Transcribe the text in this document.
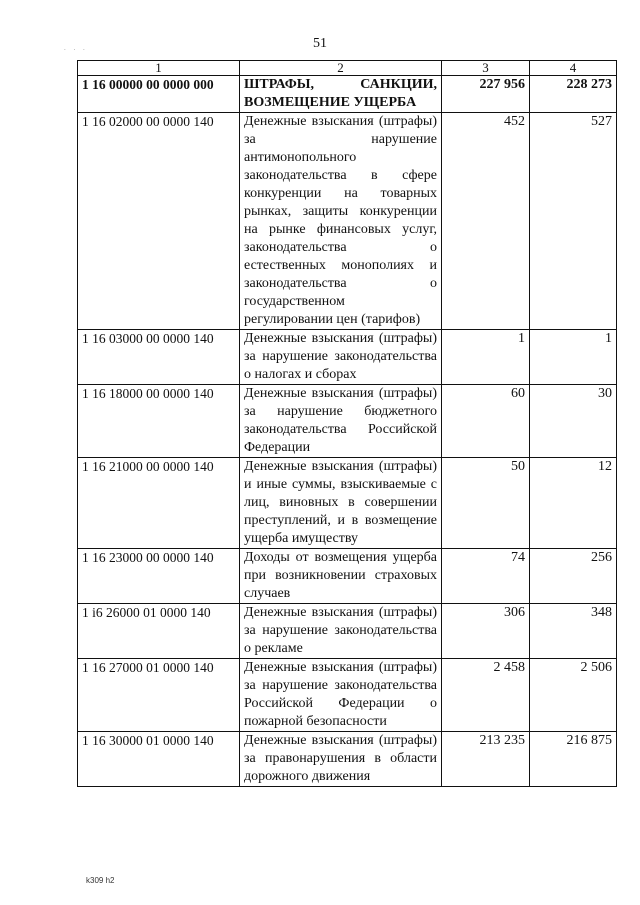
51
. . .
1	2	3	4
1 16 00000 00 0000 000	ШТРАФЫ, САНКЦИИ, ВОЗМЕЩЕНИЕ УЩЕРБА	227 956	228 273
1 16 02000 00 0000 140	Денежные взыскания (штрафы) за нарушение антимонопольного законодательства в сфере конкуренции на товарных рынках, защиты конкуренции на рынке финансовых услуг, законодательства о естественных монополиях и законодательства о государственном регулировании цен (тарифов)	452	527
1 16 03000 00 0000 140	Денежные взыскания (штрафы) за нарушение законодательства о налогах и сборах	1	1
1 16 18000 00 0000 140	Денежные взыскания (штрафы) за нарушение бюджетного законодательства Российской Федерации	60	30
1 16 21000 00 0000 140	Денежные взыскания (штрафы) и иные суммы, взыскиваемые с лиц, виновных в совершении преступлений, и в возмещение ущерба имуществу	50	12
1 16 23000 00 0000 140	Доходы от возмещения ущерба при возникновении страховых случаев	74	256
1 i6 26000 01 0000 140	Денежные взыскания (штрафы) за нарушение законодательства о рекламе	306	348
1 16 27000 01 0000 140	Денежные взыскания (штрафы) за нарушение законодательства Российской Федерации о пожарной безопасности	2 458	2 506
1 16 30000 01 0000 140	Денежные взыскания (штрафы) за правонарушения в области дорожного движения	213 235	216 875
k309 h2
